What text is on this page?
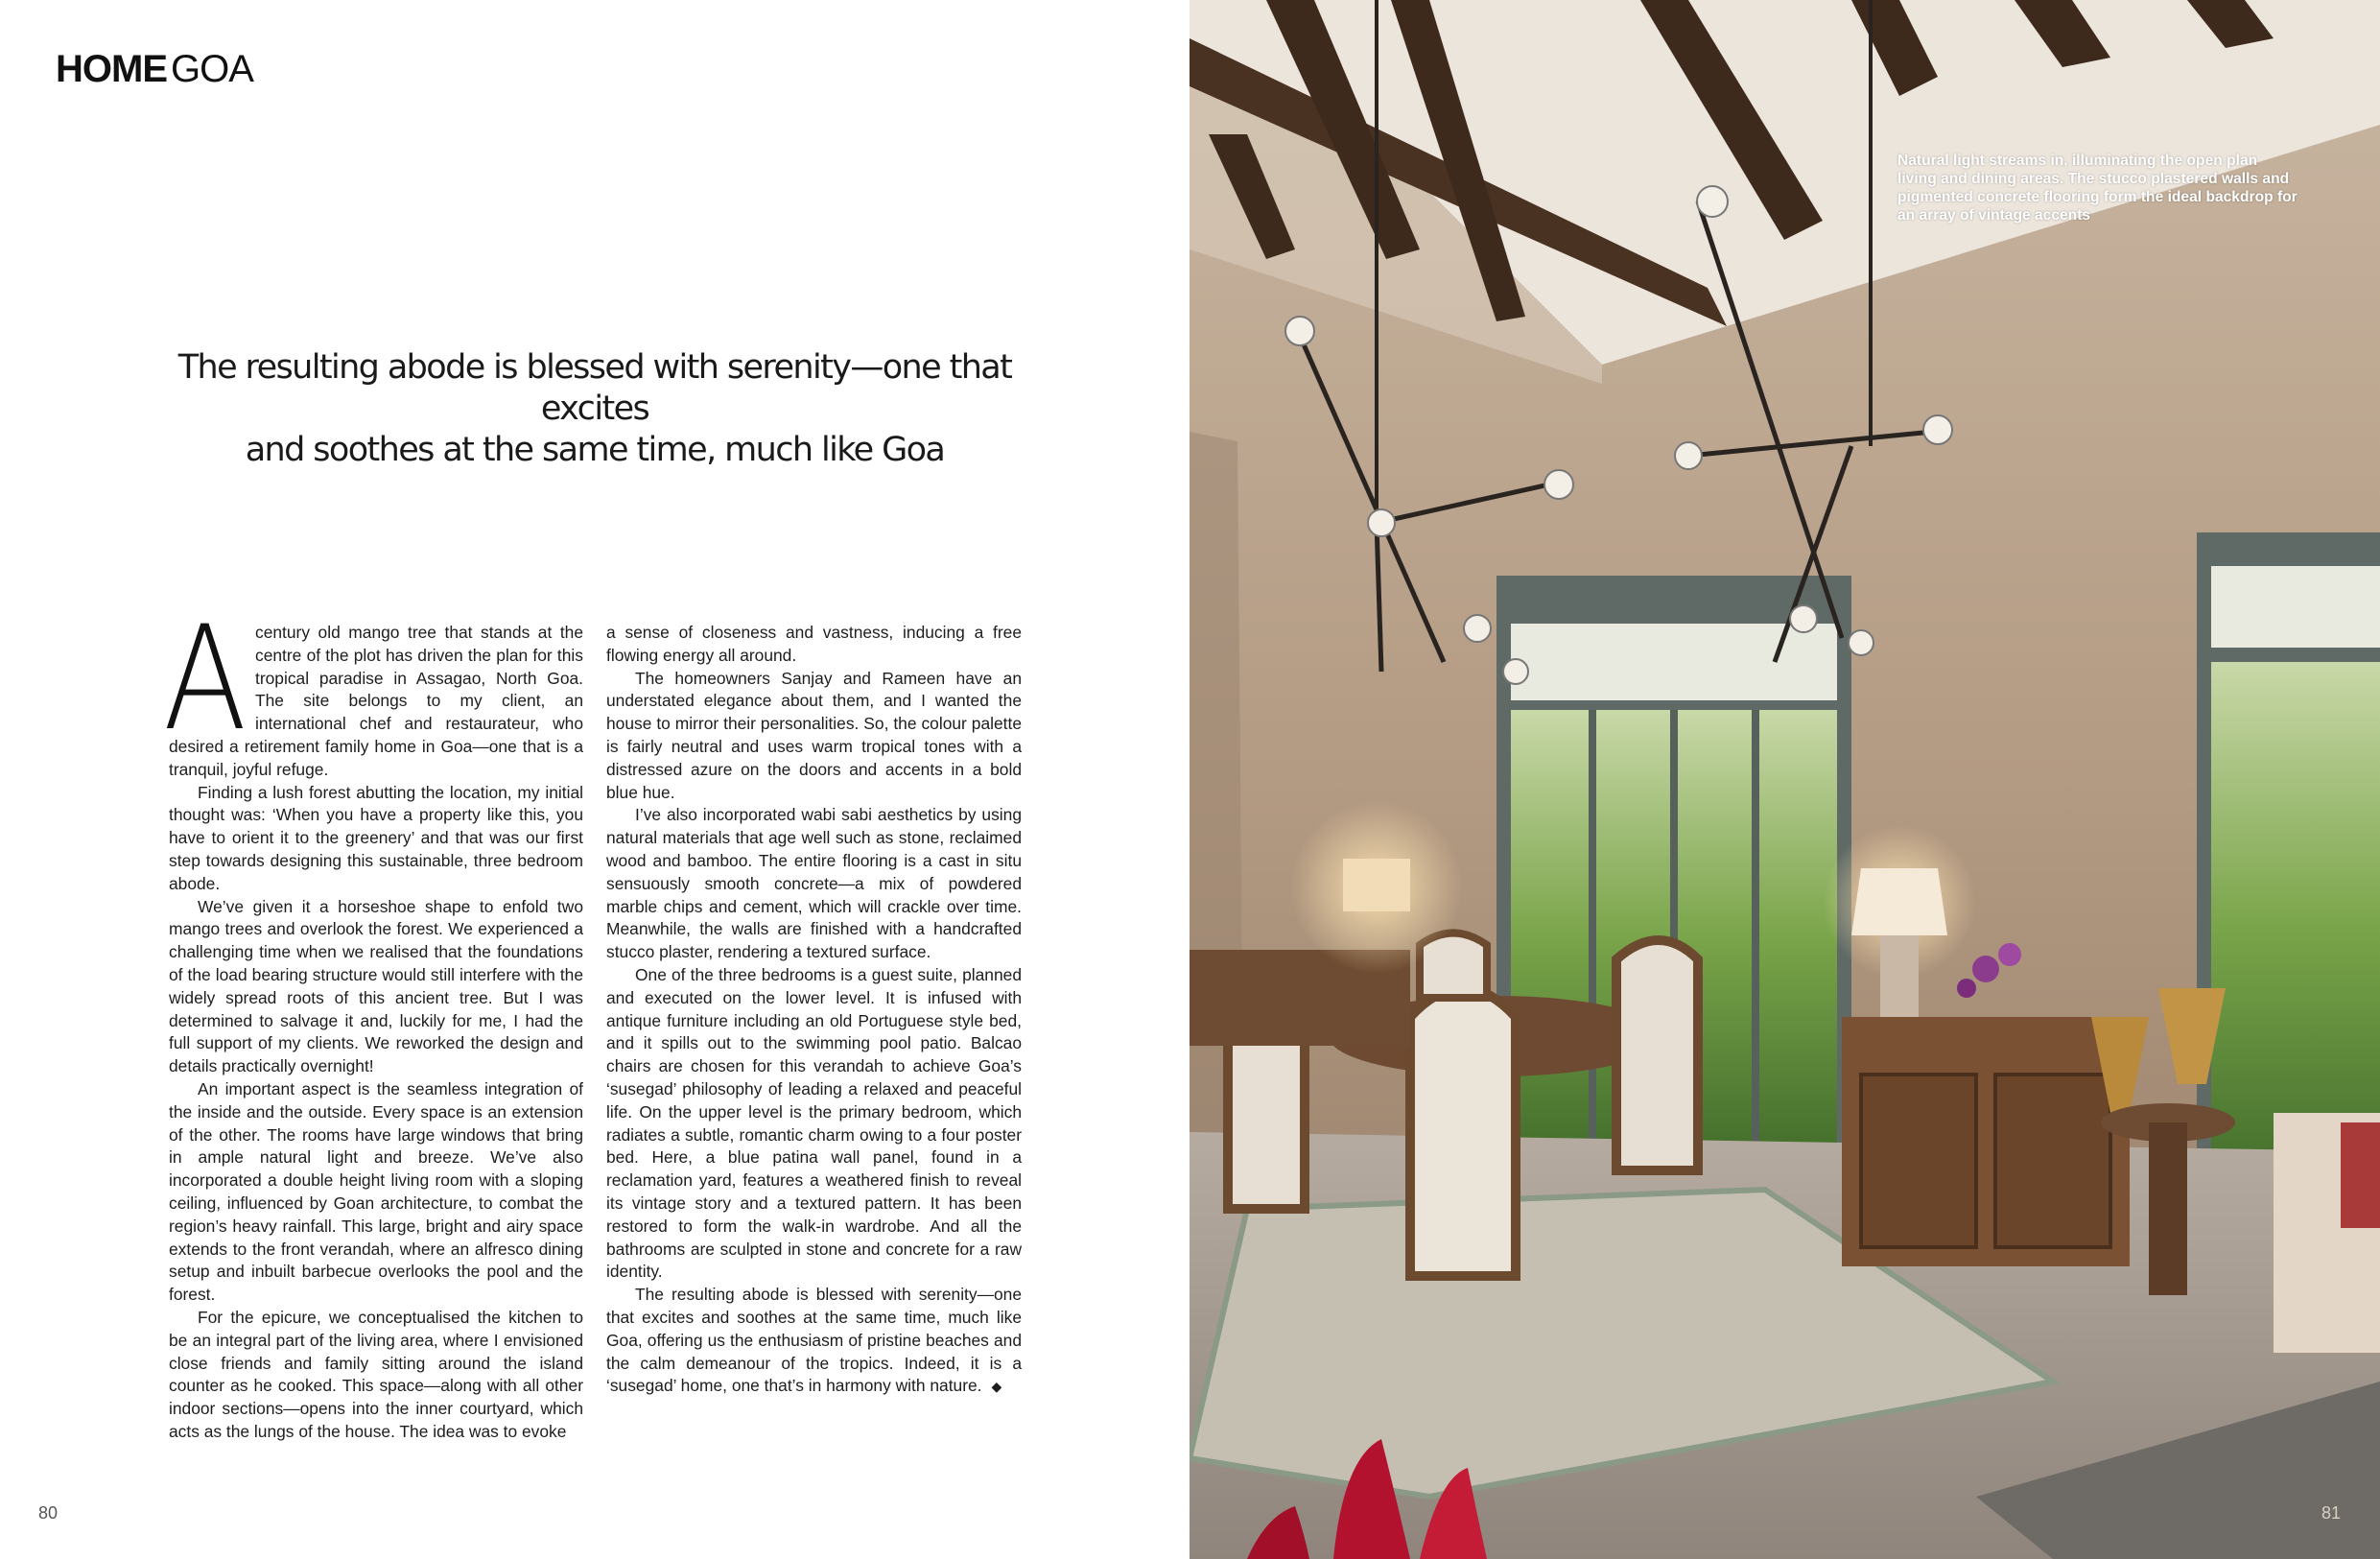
HOME GOA
The resulting abode is blessed with serenity—one that excites
and soothes at the same time, much like Goa

Acentury old mango tree that stands at the centre of the plot has driven the plan for this tropical paradise in Assagao, North Goa. The site belongs to my client, an international chef and restaurateur, who desired a retirement family home in Goa—one that is a tranquil, joyful refuge.

Finding a lush forest abutting the location, my initial thought was: ‘When you have a property like this, you have to orient it to the greenery’ and that was our first step towards designing this sustainable, three bedroom abode.

We’ve given it a horseshoe shape to enfold two mango trees and overlook the forest. We experienced a challenging time when we realised that the foundations of the load bearing structure would still interfere with the widely spread roots of this ancient tree. But I was determined to salvage it and, luckily for me, I had the full support of my clients. We reworked the design and details practically overnight!

An important aspect is the seamless integration of the inside and the outside. Every space is an extension of the other. The rooms have large windows that bring in ample natural light and breeze. We’ve also incorporated a double height living room with a sloping ceiling, influenced by Goan architecture, to combat the region’s heavy rainfall. This large, bright and airy space extends to the front verandah, where an alfresco dining setup and inbuilt barbecue overlooks the pool and the forest.

For the epicure, we conceptualised the kitchen to be an integral part of the living area, where I envisioned close friends and family sitting around the island counter as he cooked. This space—along with all other indoor sections—opens into the inner courtyard, which acts as the lungs of the house. The idea was to evoke

a sense of closeness and vastness, inducing a free flowing energy all around.

The homeowners Sanjay and Rameen have an understated elegance about them, and I wanted the house to mirror their personalities. So, the colour palette is fairly neutral and uses warm tropical tones with a distressed azure on the doors and accents in a bold blue hue.

I’ve also incorporated wabi sabi aesthetics by using natural materials that age well such as stone, reclaimed wood and bamboo. The entire flooring is a cast in situ sensuously smooth concrete—a mix of powdered marble chips and cement, which will crackle over time. Meanwhile, the walls are finished with a handcrafted stucco plaster, rendering a textured surface.

One of the three bedrooms is a guest suite, planned and executed on the lower level. It is infused with antique furniture including an old Portuguese style bed, and it spills out to the swimming pool patio. Balcao chairs are chosen for this verandah to achieve Goa’s ‘susegad’ philosophy of leading a relaxed and peaceful life. On the upper level is the primary bedroom, which radiates a subtle, romantic charm owing to a four poster bed. Here, a blue patina wall panel, found in a reclamation yard, features a weathered finish to reveal its vintage story and a textured pattern. It has been restored to form the walk-in wardrobe. And all the bathrooms are sculpted in stone and concrete for a raw identity.

The resulting abode is blessed with serenity—one that excites and soothes at the same time, much like Goa, offering us the enthusiasm of pristine beaches and the calm demeanour of the tropics. Indeed, it is a ‘susegad’ home, one that’s in harmony with nature. ◆

80
Natural light streams in, illuminating the open plan living and dining areas. The stucco plastered walls and pigmented concrete flooring form the ideal backdrop for an array of vintage accents
81
